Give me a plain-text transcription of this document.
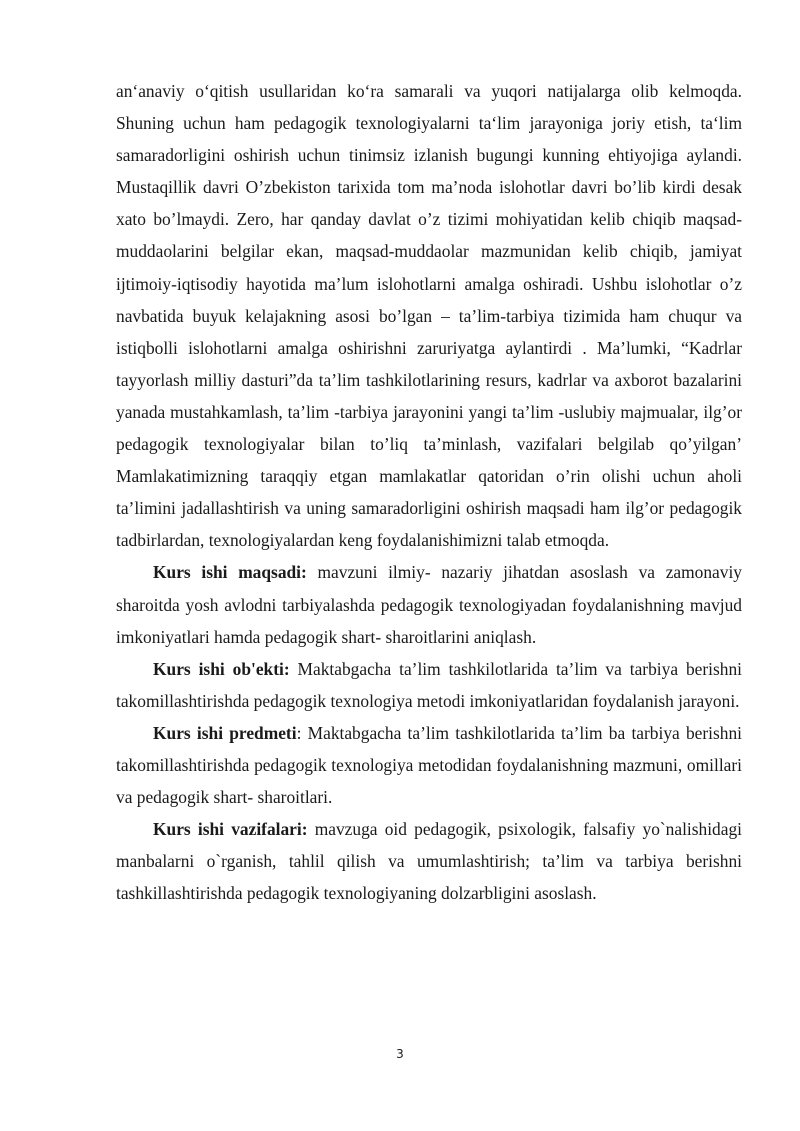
an‘anaviy o‘qitish usullaridan ko‘ra samarali va yuqori natijalarga olib kelmoqda. Shuning uchun ham pedagogik texnologiyalarni ta‘lim jarayoniga joriy etish, ta‘lim samaradorligini oshirish uchun tinimsiz izlanish bugungi kunning ehtiyojiga aylandi. Mustaqillik davri O’zbekiston tarixida tom ma’noda islohotlar davri bo’lib kirdi desak xato bo’lmaydi. Zero, har qanday davlat o’z tizimi mohiyatidan kelib chiqib maqsad-muddaolarini belgilar ekan, maqsad-muddaolar mazmunidan kelib chiqib, jamiyat ijtimoiy-iqtisodiy hayotida ma’lum islohotlarni amalga oshiradi. Ushbu islohotlar o’z navbatida buyuk kelajakning asosi bo’lgan – ta’lim-tarbiya tizimida ham chuqur va istiqbolli islohotlarni amalga oshirishni zaruriyatga aylantirdi . Ma’lumki, “Kadrlar tayyorlash milliy dasturi”da ta’lim tashkilotlarining resurs, kadrlar va axborot bazalarini yanada mustahkamlash, ta’lim -tarbiya jarayonini yangi ta’lim -uslubiy majmualar, ilg’or pedagogik texnologiyalar bilan to’liq ta’minlash, vazifalari belgilab qo’yilgan’ Mamlakatimizning taraqqiy etgan mamlakatlar qatoridan o’rin olishi uchun aholi ta’limini jadallashtirish va uning samaradorligini oshirish maqsadi ham ilg’or pedagogik tadbirlardan, texnologiyalardan keng foydalanishimizni talab etmoqda.

Kurs ishi maqsadi: mavzuni ilmiy- nazariy jihatdan asoslash va zamonaviy sharoitda yosh avlodni tarbiyalashda pedagogik texnologiyadan foydalanishning mavjud imkoniyatlari hamda pedagogik shart- sharoitlarini aniqlash.

Kurs ishi ob'ekti: Maktabgacha ta’lim tashkilotlarida ta’lim va tarbiya berishni takomillashtirishda pedagogik texnologiya metodi imkoniyatlaridan foydalanish jarayoni.

Kurs ishi predmeti: Maktabgacha ta’lim tashkilotlarida ta’lim ba tarbiya berishni takomillashtirishda pedagogik texnologiya metodidan foydalanishning mazmuni, omillari va pedagogik shart- sharoitlari.

Kurs ishi vazifalari: mavzuga oid pedagogik, psixologik, falsafiy yo`nalishidagi manbalarni o`rganish, tahlil qilish va umumlashtirish; ta’lim va tarbiya berishni tashkillashtirishda pedagogik texnologiyaning dolzarbligini asoslash.

3
